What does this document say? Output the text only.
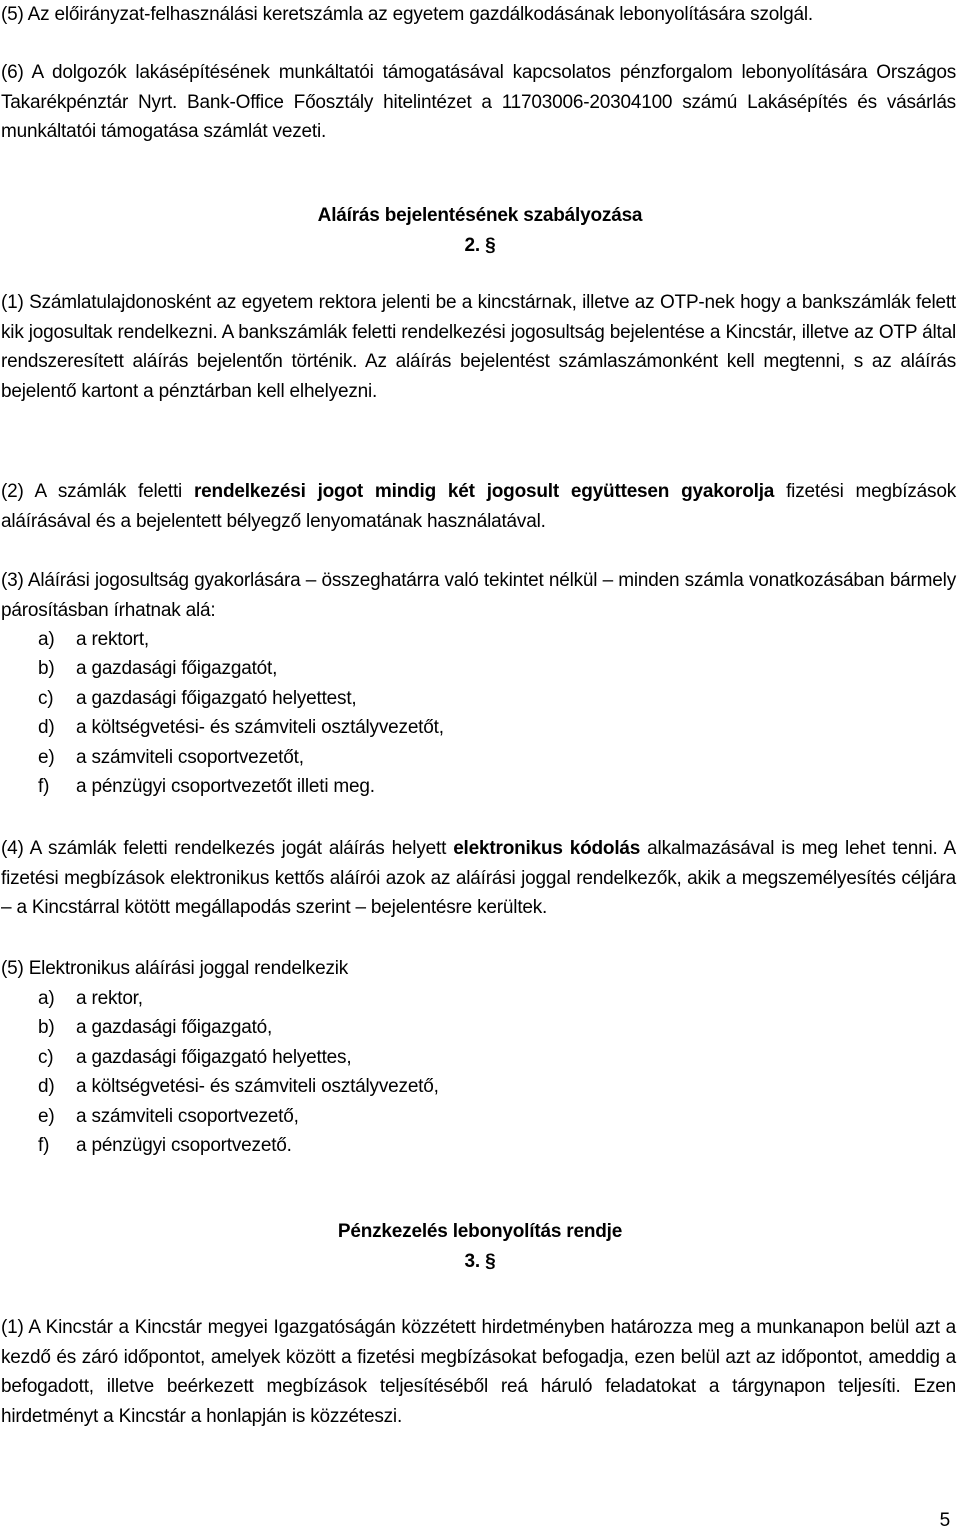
(5) Az előirányzat-felhasználási keretszámla az egyetem gazdálkodásának lebonyolítására szolgál.

(6) A dolgozók lakásépítésének munkáltatói támogatásával kapcsolatos pénzforgalom lebonyolítására Országos Takarékpénztár Nyrt. Bank-Office Főosztály hitelintézet a 11703006-20304100 számú Lakásépítés és vásárlás munkáltatói támogatása számlát vezeti.

Aláírás bejelentésének szabályozása
2. §

(1) Számlatulajdonosként az egyetem rektora jelenti be a kincstárnak, illetve az OTP-nek hogy a bankszámlák felett kik jogosultak rendelkezni. A bankszámlák feletti rendelkezési jogosultság bejelentése a Kincstár, illetve az OTP által rendszeresített aláírás bejelentőn történik. Az aláírás bejelentést számlaszámonként kell megtenni, s az aláírás bejelentő kartont a pénztárban kell elhelyezni.

(2) A számlák feletti rendelkezési jogot mindig két jogosult együttesen gyakorolja fizetési megbízások aláírásával és a bejelentett bélyegző lenyomatának használatával.

(3) Aláírási jogosultság gyakorlására – összeghatárra való tekintet nélkül – minden számla vonatkozásában bármely párosításban írhatnak alá:

a)	a rektort,
b)	a gazdasági főigazgatót,
c)	a gazdasági főigazgató helyettest,
d)	a költségvetési- és számviteli osztályvezetőt,
e)	a számviteli csoportvezetőt,
f)	a pénzügyi csoportvezetőt illeti meg.

(4) A számlák feletti rendelkezés jogát aláírás helyett elektronikus kódolás alkalmazásával is meg lehet tenni. A fizetési megbízások elektronikus kettős aláírói azok az aláírási joggal rendelkezők, akik a megszemélyesítés céljára – a Kincstárral kötött megállapodás szerint – bejelentésre kerültek.

(5) Elektronikus aláírási joggal rendelkezik

a)	a rektor,
b)	a gazdasági főigazgató,
c)	a gazdasági főigazgató helyettes,
d)	a költségvetési- és számviteli osztályvezető,
e)	a számviteli csoportvezető,
f)	a pénzügyi csoportvezető.
Pénzkezelés lebonyolítás rendje
3. §

(1) A Kincstár a Kincstár megyei Igazgatóságán közzétett hirdetményben határozza meg a munkanapon belül azt a kezdő és záró időpontot, amelyek között a fizetési megbízásokat befogadja, ezen belül azt az időpontot, ameddig a befogadott, illetve beérkezett megbízások teljesítéséből reá háruló feladatokat a tárgynapon teljesíti. Ezen hirdetményt a Kincstár a honlapján is közzéteszi.

5
